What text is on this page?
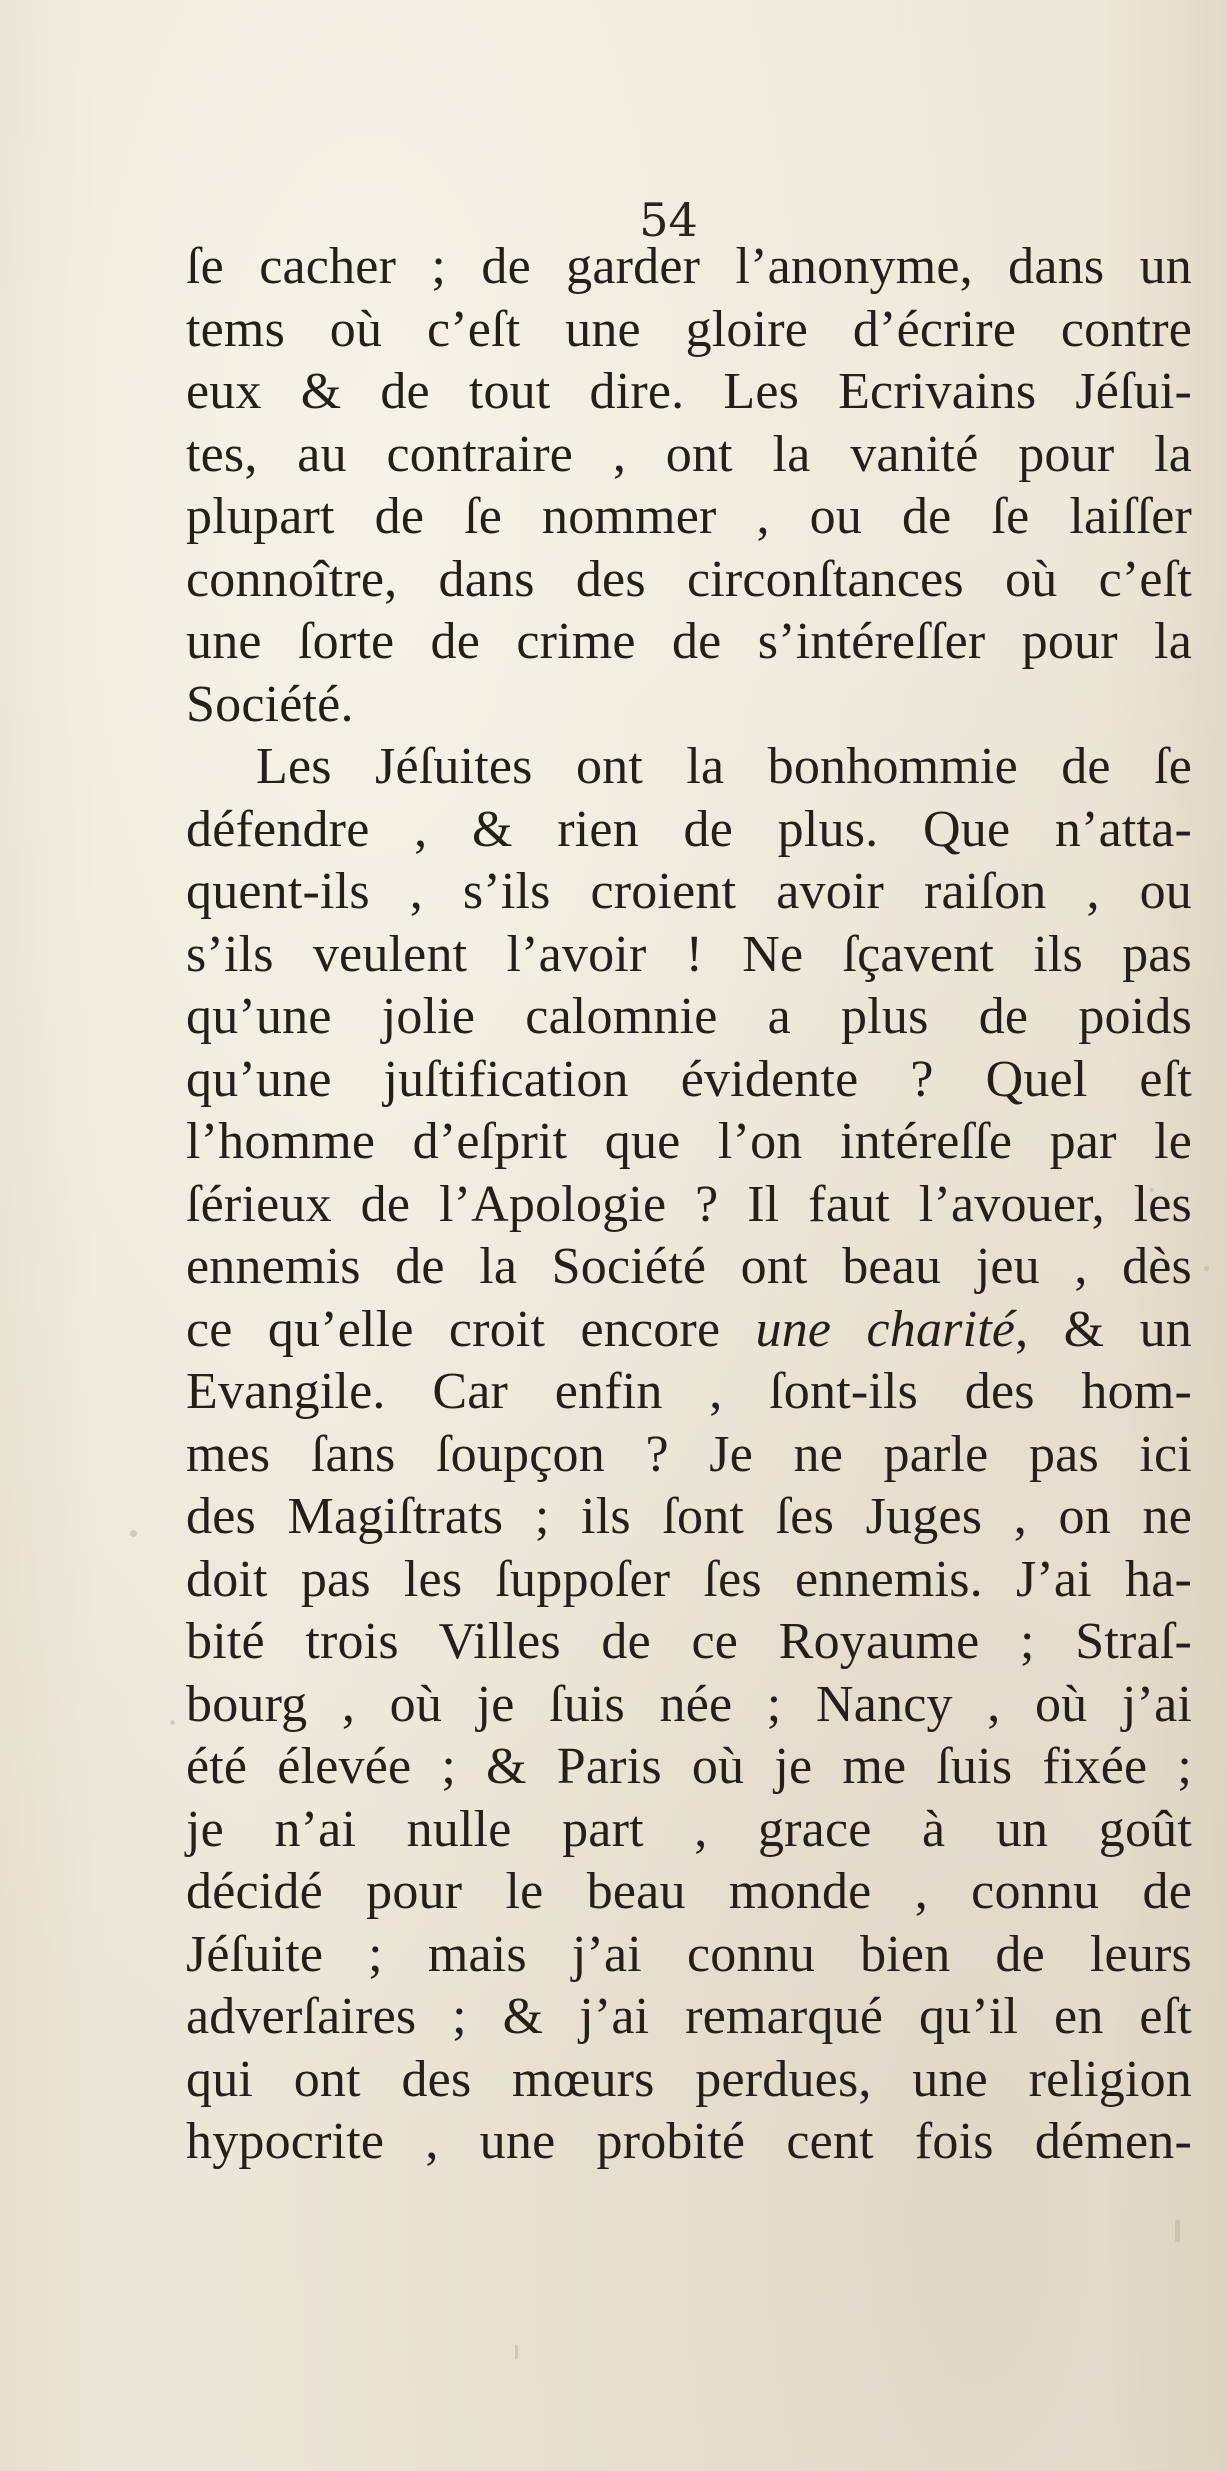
54
ſe cacher ; de garder l’anonyme, dans un
tems où c’eſt une gloire d’écrire contre
eux & de tout dire. Les Ecrivains Jéſui-
tes, au contraire , ont la vanité pour la
plupart de ſe nommer , ou de ſe laiſſer
connoître, dans des circonſtances où c’eſt
une ſorte de crime de s’intéreſſer pour la
Société.
Les Jéſuites ont la bonhommie de ſe
défendre , & rien de plus. Que n’atta-
quent-ils , s’ils croient avoir raiſon , ou
s’ils veulent l’avoir ! Ne ſçavent ils pas
qu’une jolie calomnie a plus de poids
qu’une juſtification évidente ? Quel eſt
l’homme d’eſprit que l’on intéreſſe par le
ſérieux de l’Apologie ? Il faut l’avouer, les
ennemis de la Société ont beau jeu , dès
ce qu’elle croit encore une charité, & un
Evangile. Car enfin , ſont-ils des hom-
mes ſans ſoupçon ? Je ne parle pas ici
des Magiſtrats ; ils ſont ſes Juges , on ne
doit pas les ſuppoſer ſes ennemis. J’ai ha-
bité trois Villes de ce Royaume ; Straſ-
bourg , où je ſuis née ; Nancy , où j’ai
été élevée ; & Paris où je me ſuis fixée ;
je n’ai nulle part , grace à un goût
décidé pour le beau monde , connu de
Jéſuite ; mais j’ai connu bien de leurs
adverſaires ; & j’ai remarqué qu’il en eſt
qui ont des mœurs perdues, une religion
hypocrite , une probité cent fois démen-
